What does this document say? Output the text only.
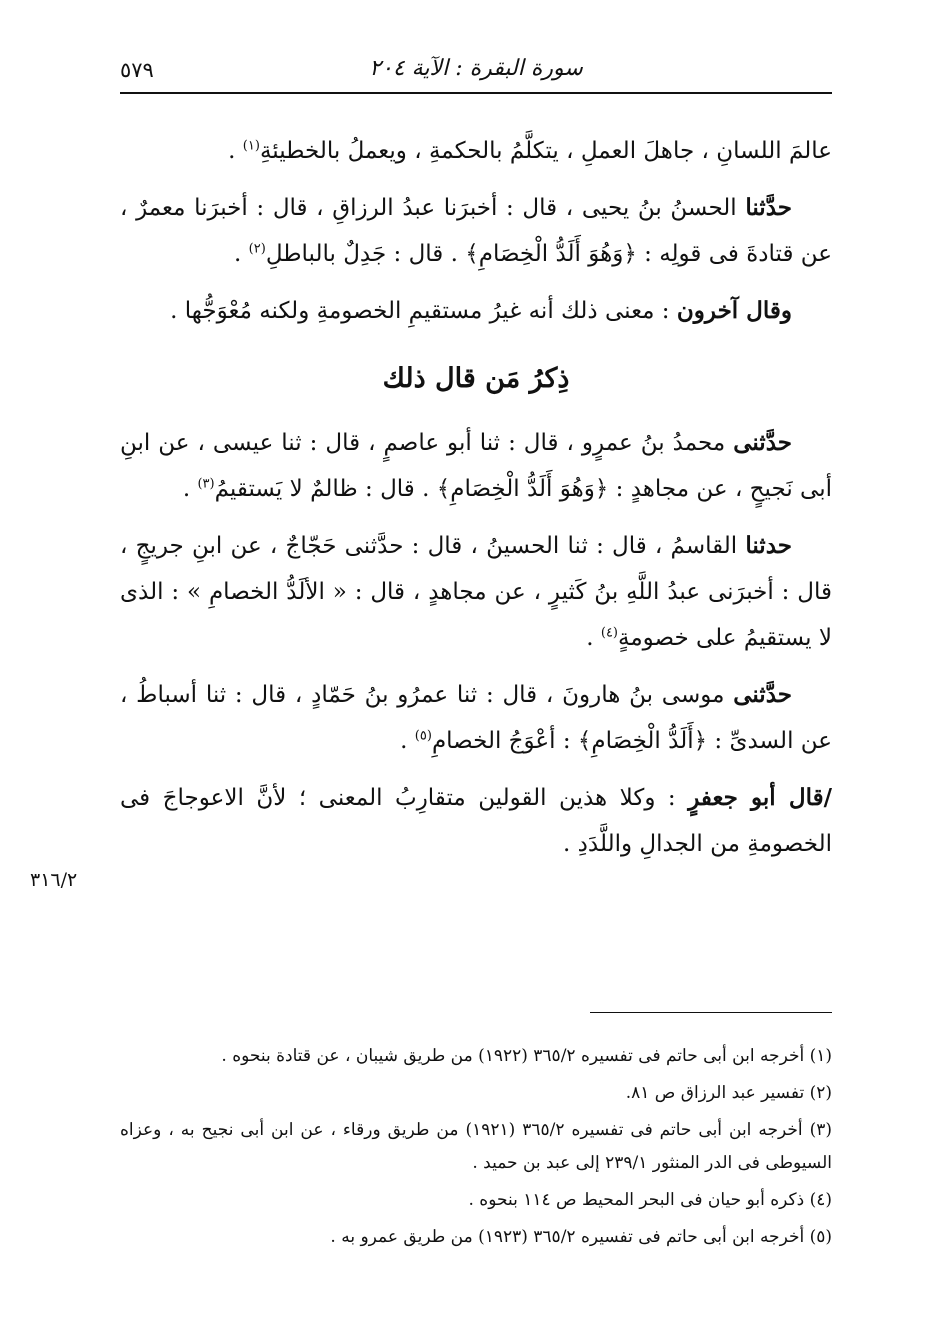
سورة البقرة : الآية ٢٠٤
٥٧٩

عالمَ اللسانِ ، جاهلَ العملِ ، يتكلَّمُ بالحكمةِ ، ويعملُ بالخطيئةِ$^{(١)}$ .

حدَّثنا الحسنُ بنُ يحيى ، قال : أخبرَنا عبدُ الرزاقِ ، قال : أخبرَنا معمرٌ ، عن قتادةَ فى قولِه : ﴿وَهُوَ أَلَدُّ الْخِصَامِ﴾ . قال : جَدِلٌ بالباطلِ$^{(٢)}$ .

وقال آخرون : معنى ذلك أنه غيرُ مستقيمِ الخصومةِ ولكنه مُعْوَجُّها .

ذِكرُ مَن قال ذلك

حدَّثنى محمدُ بنُ عمرٍو ، قال : ثنا أبو عاصمٍ ، قال : ثنا عيسى ، عن ابنِ أبى نَجيحٍ ، عن مجاهدٍ : ﴿وَهُوَ أَلَدُّ الْخِصَامِ﴾ . قال : ظالمٌ لا يَستقيمُ$^{(٣)}$ .

حدثنا القاسمُ ، قال : ثنا الحسينُ ، قال : حدَّثنى حَجّاجٌ ، عن ابنِ جريجٍ ، قال : أخبرَنى عبدُ اللَّهِ بنُ كَثيرٍ ، عن مجاهدٍ ، قال : « الألَدُّ الخصامِ » : الذى لا يستقيمُ على خصومةٍ$^{(٤)}$ .

حدَّثنى موسى بنُ هارونَ ، قال : ثنا عمرُو بنُ حَمّادٍ ، قال : ثنا أسباطُ ، عن السدىِّ : ﴿أَلَدُّ الْخِصَامِ﴾ : أعْوَجُ الخصامِ$^{(٥)}$ .

/قال أبو جعفرٍ : وكلا هذين القولين متقارِبُ المعنى ؛ لأنَّ الاعوجاجَ فى الخصومةِ من الجدالِ واللَّدَدِ .

٣١٦/٢

(١) أخرجه ابن أبى حاتم فى تفسيره ٣٦٥/٢ (١٩٢٢) من طريق شيبان ، عن قتادة بنحوه .

(٢) تفسير عبد الرزاق ص ٨١.

(٣) أخرجه ابن أبى حاتم فى تفسيره ٣٦٥/٢ (١٩٢١) من طريق ورقاء ، عن ابن أبى نجيح به ، وعزاه السيوطى فى الدر المنثور ٢٣٩/١ إلى عبد بن حميد .

(٤) ذكره أبو حيان فى البحر المحيط ص ١١٤ بنحوه .

(٥) أخرجه ابن أبى حاتم فى تفسيره ٣٦٥/٢ (١٩٢٣) من طريق عمرو به .
